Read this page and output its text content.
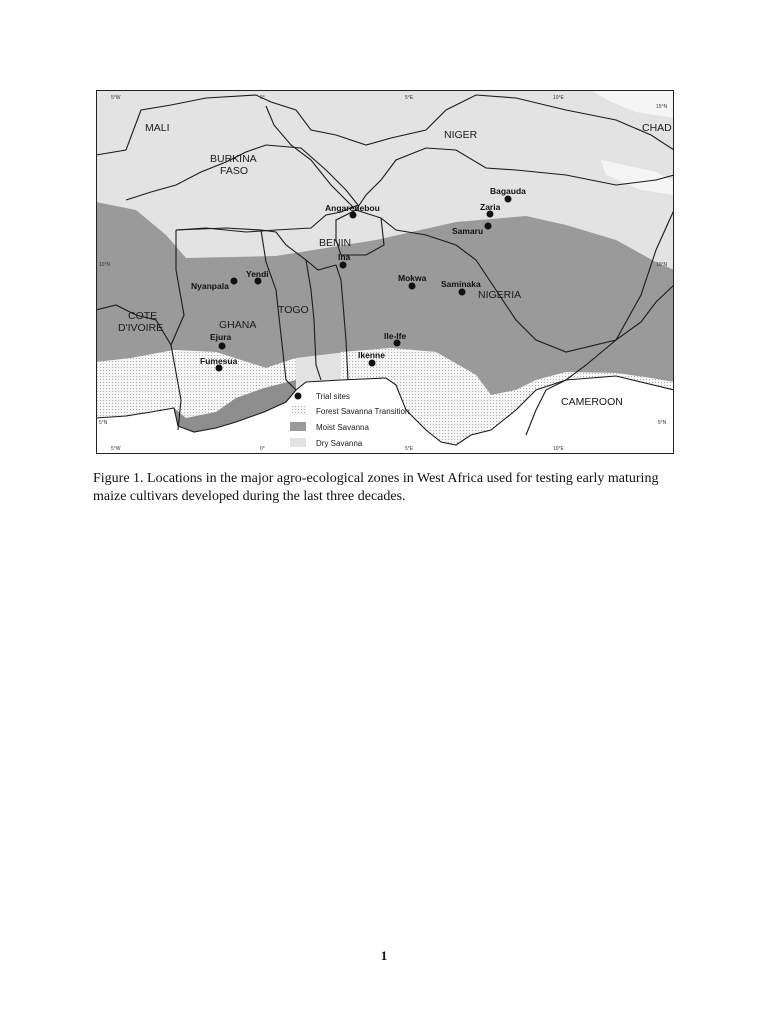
5°W	0°	5°E	10°E
5°W	0°	5°E	10°E
15°N
10°N
5°N
10°N
5°N
MALI
BURKINA
FASO
NIGER
CHAD
BENIN
TOGO
GHANA
COTE
D'IVOIRE
NIGERIA
CAMEROON
Bagauda
Zaria
Samaru
Angaredebou
Ina
Yendi
Nyanpala
Mokwa
Saminaka
Ile-Ife
Ejura
Fumesua
Ikenne
Trial sites
Forest Savanna Transition
Moist Savanna
Dry Savanna

Figure 1. Locations in the major agro-ecological zones in West Africa used for testing early maturing maize cultivars developed during the last three decades.

1
